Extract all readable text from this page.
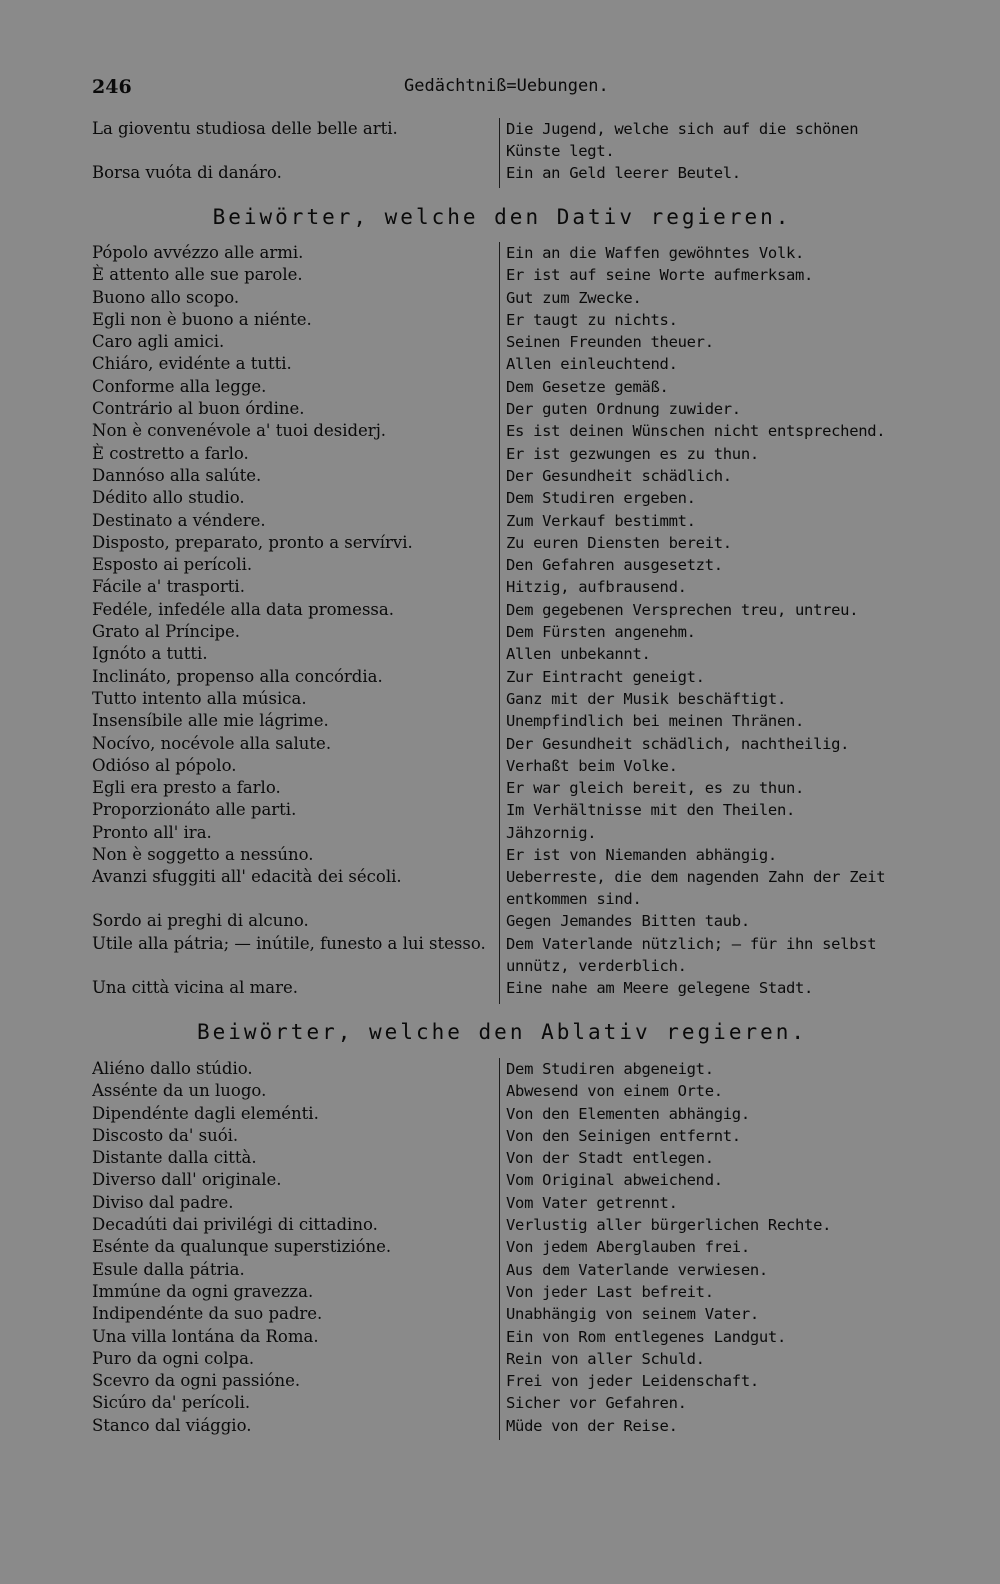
246	Gedächtniß=Uebungen.
La gioventu studiosa delle belle arti.	Die Jugend, welche sich auf die schönen Künste legt.
Borsa vuóta di danáro.	Ein an Geld leerer Beutel.
Beiwörter, welche den Dativ regieren.
Pópolo avvézzo alle armi.	Ein an die Waffen gewöhntes Volk.
È attento alle sue parole.	Er ist auf seine Worte aufmerksam.
Buono allo scopo.	Gut zum Zwecke.
Egli non è buono a niénte.	Er taugt zu nichts.
Caro agli amici.	Seinen Freunden theuer.
Chiáro, evidénte a tutti.	Allen einleuchtend.
Conforme alla legge.	Dem Gesetze gemäß.
Contrário al buon órdine.	Der guten Ordnung zuwider.
Non è convenévole a' tuoi desiderj.	Es ist deinen Wünschen nicht entsprechend.
È costretto a farlo.	Er ist gezwungen es zu thun.
Dannóso alla salúte.	Der Gesundheit schädlich.
Dédito allo studio.	Dem Studiren ergeben.
Destinato a véndere.	Zum Verkauf bestimmt.
Disposto, preparato, pronto a servírvi.	Zu euren Diensten bereit.
Esposto ai perícoli.	Den Gefahren ausgesetzt.
Fácile a' trasporti.	Hitzig, aufbrausend.
Fedéle, infedéle alla data promessa.	Dem gegebenen Versprechen treu, untreu.
Grato al Príncipe.	Dem Fürsten angenehm.
Ignóto a tutti.	Allen unbekannt.
Inclináto, propenso alla concórdia.	Zur Eintracht geneigt.
Tutto intento alla música.	Ganz mit der Musik beschäftigt.
Insensíbile alle mie lágrime.	Unempfindlich bei meinen Thränen.
Nocívo, nocévole alla salute.	Der Gesundheit schädlich, nachtheilig.
Odióso al pópolo.	Verhaßt beim Volke.
Egli era presto a farlo.	Er war gleich bereit, es zu thun.
Proporzionáto alle parti.	Im Verhältnisse mit den Theilen.
Pronto all' ira.	Jähzornig.
Non è soggetto a nessúno.	Er ist von Niemanden abhängig.
Avanzi sfuggiti all' edacità dei sécoli.	Ueberreste, die dem nagenden Zahn der Zeit entkommen sind.
Sordo ai preghi di alcuno.	Gegen Jemandes Bitten taub.
Utile alla pátria; — inútile, funesto a lui stesso.	Dem Vaterlande nützlich; — für ihn selbst unnütz, verderblich.
Una città vicina al mare.	Eine nahe am Meere gelegene Stadt.
Beiwörter, welche den Ablativ regieren.
Aliéno dallo stúdio.	Dem Studiren abgeneigt.
Asséntе da un luogo.	Abwesend von einem Orte.
Dipendénte dagli eleménti.	Von den Elementen abhängig.
Discosto da' suói.	Von den Seinigen entfernt.
Distante dalla città.	Von der Stadt entlegen.
Diverso dall' originale.	Vom Original abweichend.
Diviso dal padre.	Vom Vater getrennt.
Decadúti dai privilégi di cittadino.	Verlustig aller bürgerlichen Rechte.
Esénte da qualunque superstizióne.	Von jedem Aberglauben frei.
Esule dalla pátria.	Aus dem Vaterlande verwiesen.
Immúne da ogni gravezza.	Von jeder Last befreit.
Indipendénte da suo padre.	Unabhängig von seinem Vater.
Una villa lontána da Roma.	Ein von Rom entlegenes Landgut.
Puro da ogni colpa.	Rein von aller Schuld.
Scevro da ogni passióne.	Frei von jeder Leidenschaft.
Sicúro da' perícoli.	Sicher vor Gefahren.
Stanco dal viággio.	Müde von der Reise.
